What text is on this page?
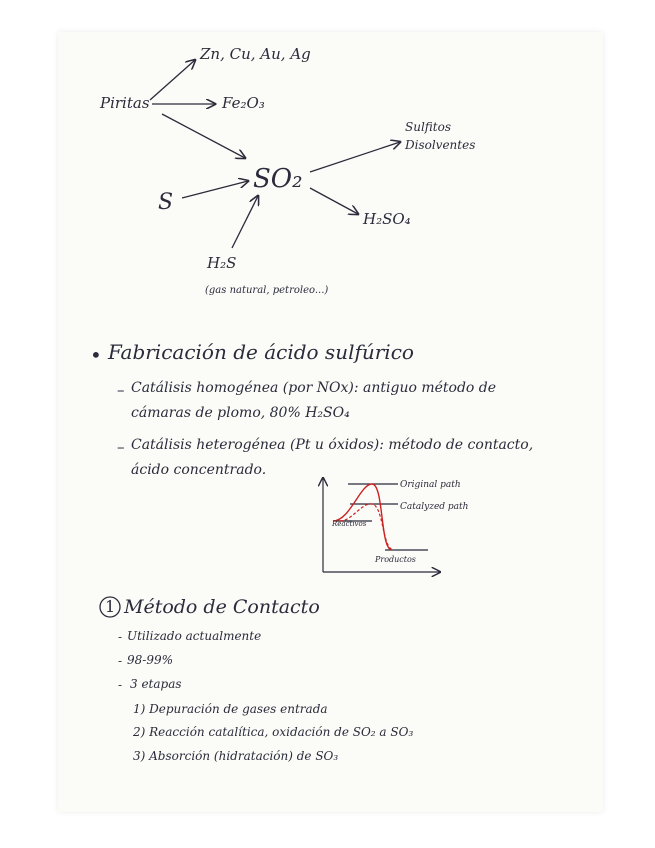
Piritas
Zn, Cu, Au, Ag
Fe₂O₃
SO₂
S
Sulfitos
Disolventes
H₂SO₄
H₂S
(gas natural, petroleo...)
• Fabricación de ácido sulfúrico
– Catálisis homogénea (por NOx): antiguo método de
cámaras de plomo, 80% H₂SO₄
– Catálisis heterogénea (Pt u óxidos): método de contacto,
ácido concentrado.
Original path
Catalyzed path
Reactivos
Productos
1 Método de Contacto
- Utilizado actualmente
- 98-99%
- 3 etapas
1) Depuración de gases entrada
2) Reacción catalítica, oxidación de SO₂ a SO₃
3) Absorción (hidratación) de SO₃
